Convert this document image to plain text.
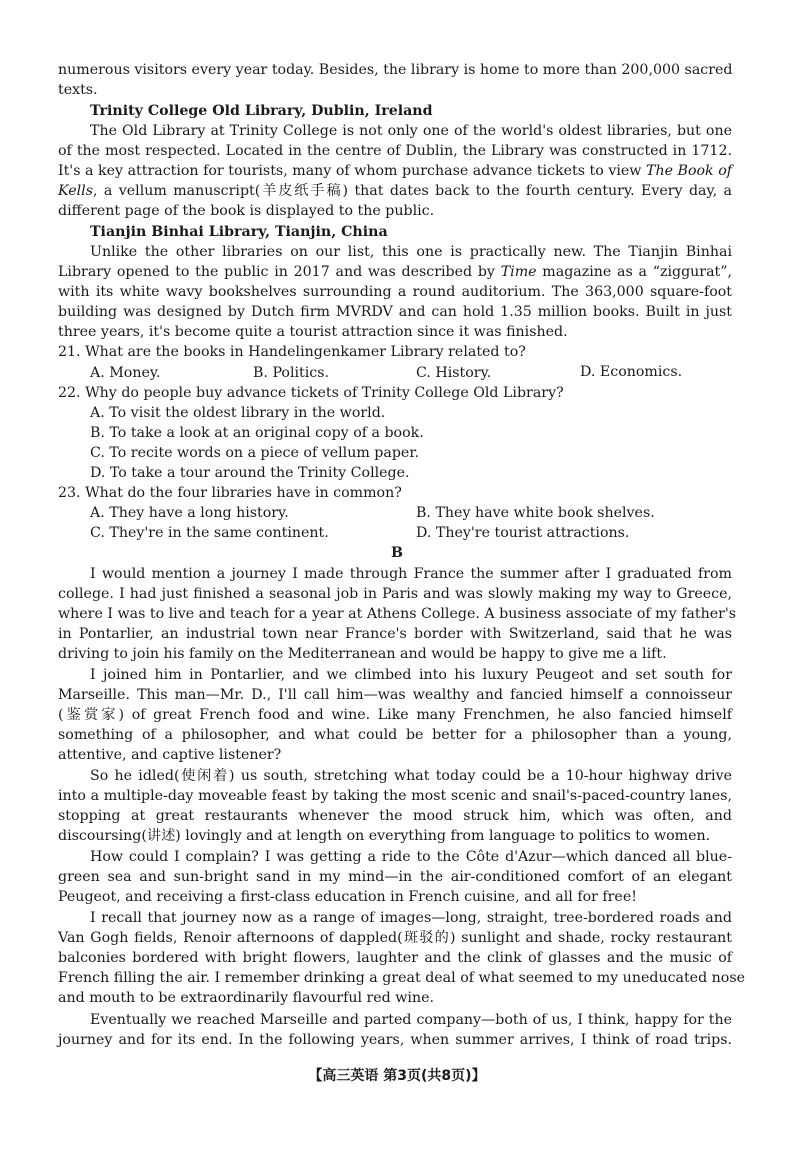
numerous visitors every year today. Besides, the library is home to more than 200,000 sacred
texts.
Trinity College Old Library, Dublin, Ireland
The Old Library at Trinity College is not only one of the world's oldest libraries, but one
of the most respected. Located in the centre of Dublin, the Library was constructed in 1712.
It's a key attraction for tourists, many of whom purchase advance tickets to view The Book of
Kells, a vellum manuscript(羊皮纸手稿) that dates back to the fourth century. Every day, a
different page of the book is displayed to the public.
Tianjin Binhai Library, Tianjin, China
Unlike the other libraries on our list, this one is practically new. The Tianjin Binhai
Library opened to the public in 2017 and was described by Time magazine as a “ziggurat”,
with its white wavy bookshelves surrounding a round auditorium. The 363,000 square-foot
building was designed by Dutch firm MVRDV and can hold 1.35 million books. Built in just
three years, it's become quite a tourist attraction since it was finished.
21. What are the books in Handelingenkamer Library related to?
A. Money.	B. Politics.	C. History.	D. Economics.
22. Why do people buy advance tickets of Trinity College Old Library?
A. To visit the oldest library in the world.
B. To take a look at an original copy of a book.
C. To recite words on a piece of vellum paper.
D. To take a tour around the Trinity College.
23. What do the four libraries have in common?
A. They have a long history.	B. They have white book shelves.
C. They're in the same continent.	D. They're tourist attractions.
B
I would mention a journey I made through France the summer after I graduated from
college. I had just finished a seasonal job in Paris and was slowly making my way to Greece,
where I was to live and teach for a year at Athens College. A business associate of my father's
in Pontarlier, an industrial town near France's border with Switzerland, said that he was
driving to join his family on the Mediterranean and would be happy to give me a lift.
I joined him in Pontarlier, and we climbed into his luxury Peugeot and set south for
Marseille. This man—Mr. D., I'll call him—was wealthy and fancied himself a connoisseur
(鉴赏家) of great French food and wine. Like many Frenchmen, he also fancied himself
something of a philosopher, and what could be better for a philosopher than a young,
attentive, and captive listener?
So he idled(使闲着) us south, stretching what today could be a 10-hour highway drive
into a multiple-day moveable feast by taking the most scenic and snail's-paced-country lanes,
stopping at great restaurants whenever the mood struck him, which was often, and
discoursing(讲述) lovingly and at length on everything from language to politics to women.
How could I complain? I was getting a ride to the Côte d'Azur—which danced all blue-
green sea and sun-bright sand in my mind—in the air-conditioned comfort of an elegant
Peugeot, and receiving a first-class education in French cuisine, and all for free!
I recall that journey now as a range of images—long, straight, tree-bordered roads and
Van Gogh fields, Renoir afternoons of dappled(斑驳的) sunlight and shade, rocky restaurant
balconies bordered with bright flowers, laughter and the clink of glasses and the music of
French filling the air. I remember drinking a great deal of what seemed to my uneducated nose
and mouth to be extraordinarily flavourful red wine.
Eventually we reached Marseille and parted company—both of us, I think, happy for the
journey and for its end. In the following years, when summer arrives, I think of road trips.
【高三英语 第3页(共8页)】
